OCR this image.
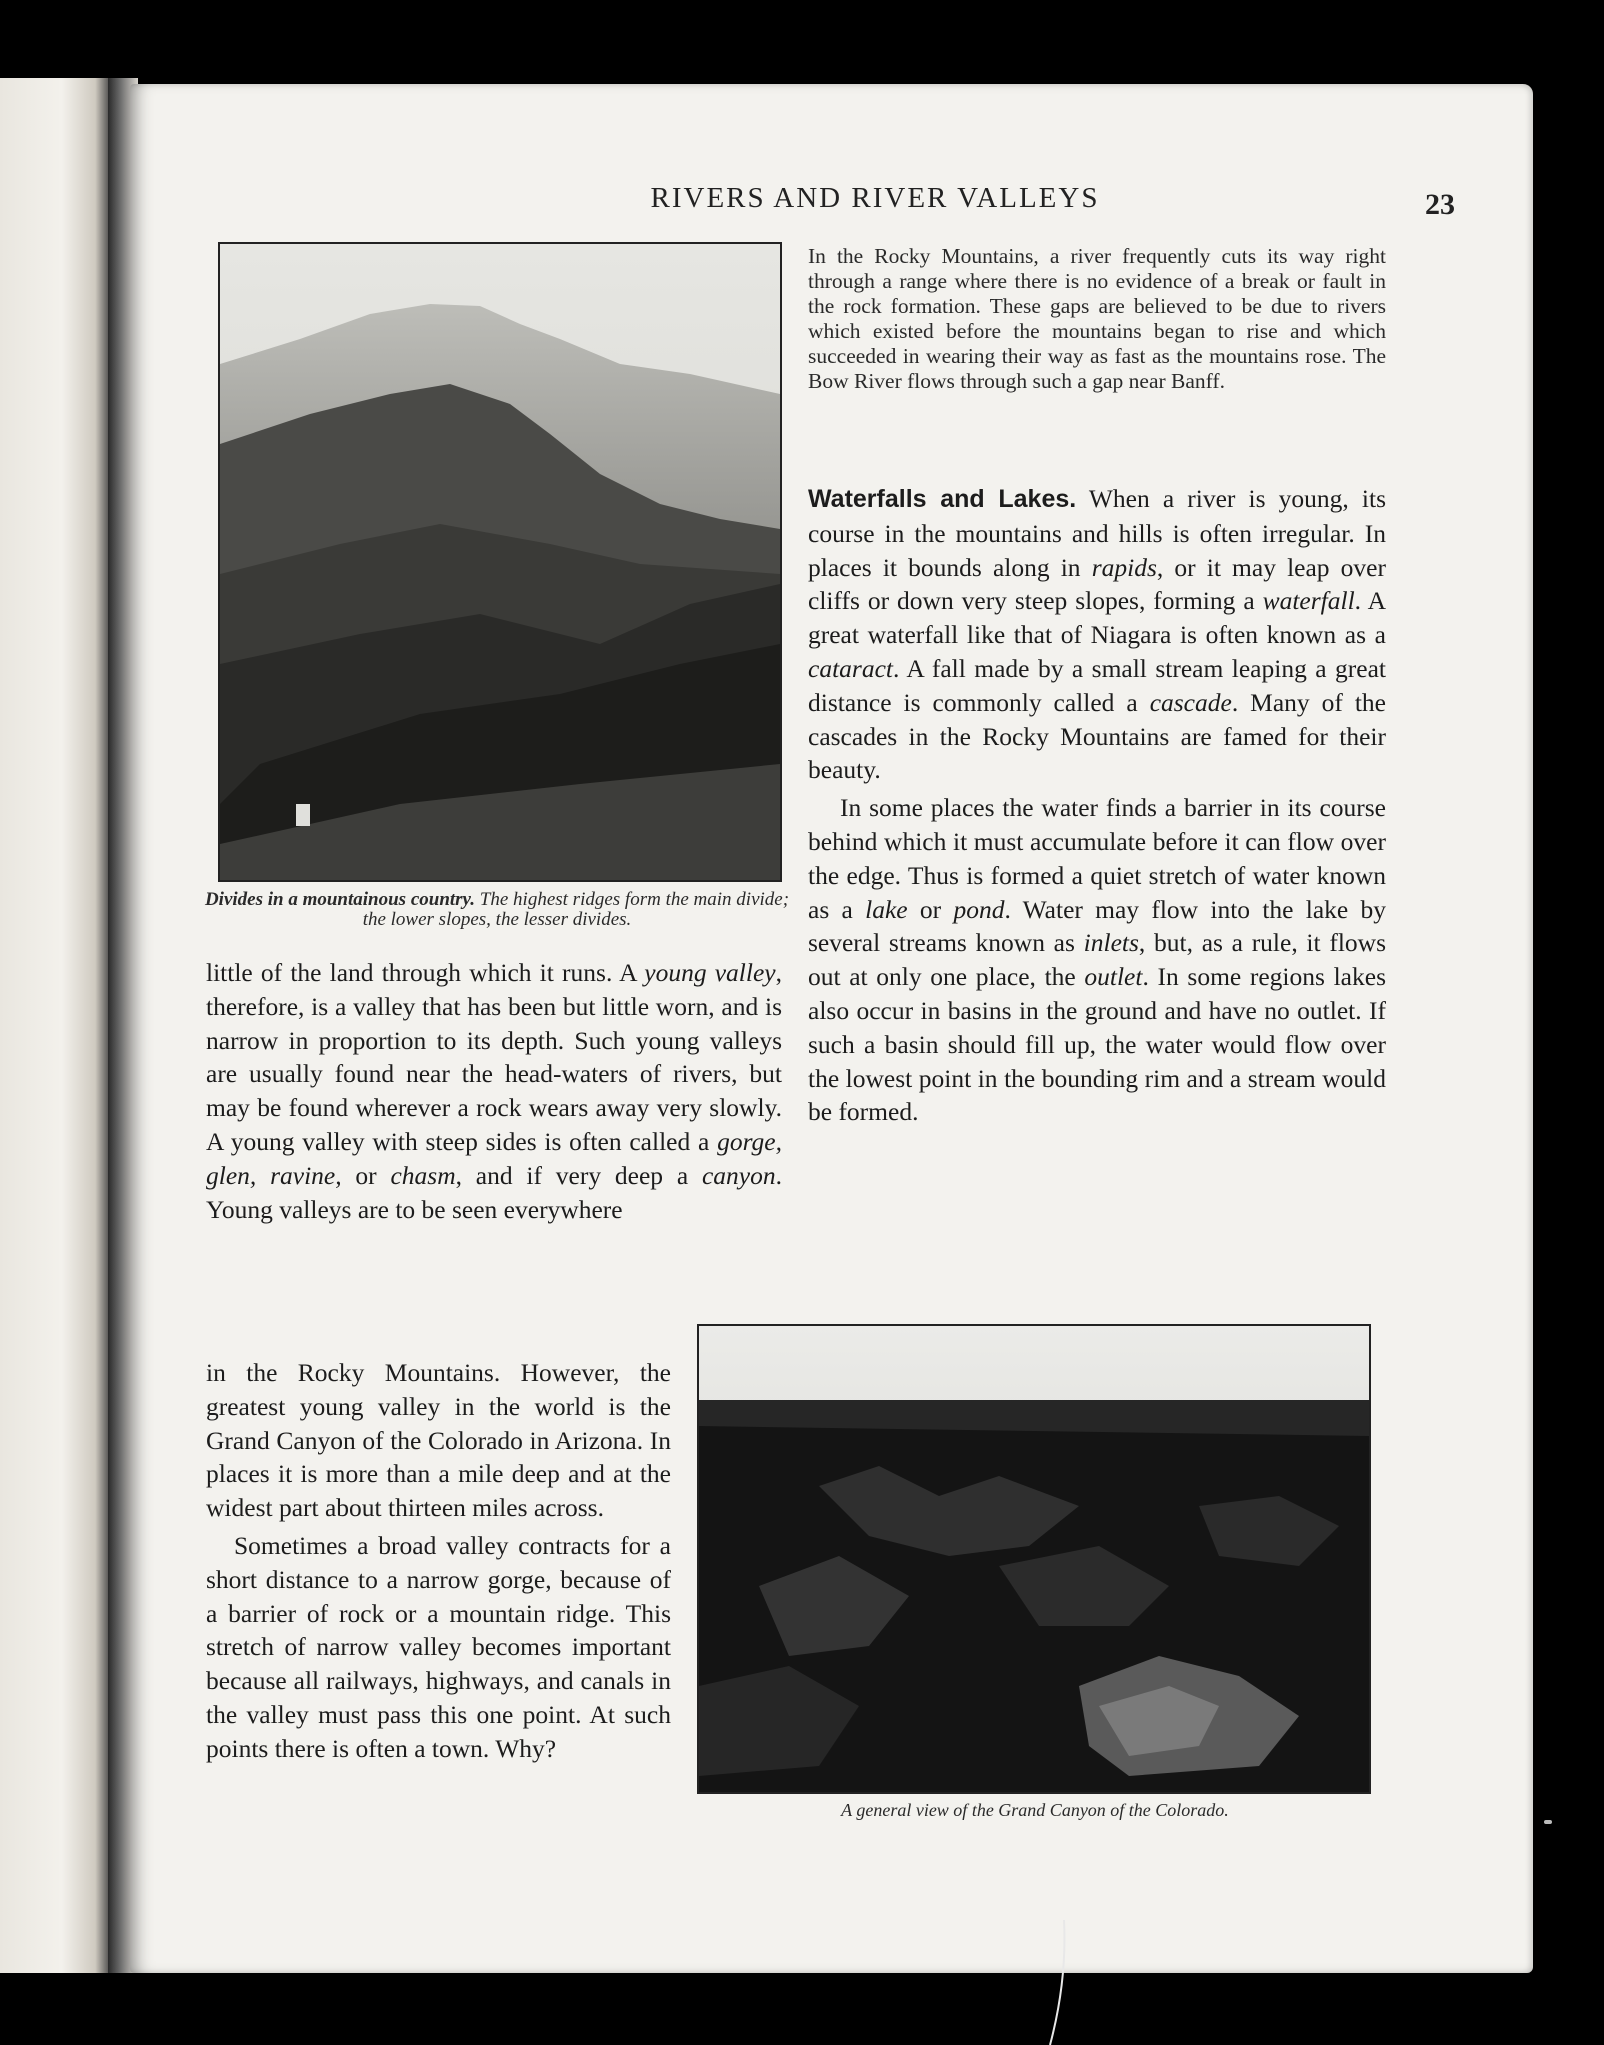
RIVERS AND RIVER VALLEYS	23
Divides in a mountainous country. The highest ridges form the main divide; the lower slopes, the lesser divides.
In the Rocky Mountains, a river frequently cuts its way right through a range where there is no evidence of a break or fault in the rock formation. These gaps are believed to be due to rivers which existed before the mountains began to rise and which succeeded in wearing their way as fast as the mountains rose. The Bow River flows through such a gap near Banff.

Waterfalls and Lakes. When a river is young, its course in the mountains and hills is often irregular. In places it bounds along in rapids, or it may leap over cliffs or down very steep slopes, forming a waterfall. A great waterfall like that of Niagara is often known as a cataract. A fall made by a small stream leaping a great distance is commonly called a cascade. Many of the cascades in the Rocky Mountains are famed for their beauty.

In some places the water finds a barrier in its course behind which it must accumulate before it can flow over the edge. Thus is formed a quiet stretch of water known as a lake or pond. Water may flow into the lake by several streams known as inlets, but, as a rule, it flows out at only one place, the outlet. In some regions lakes also occur in basins in the ground and have no outlet. If such a basin should fill up, the water would flow over the lowest point in the bounding rim and a stream would be formed.

little of the land through which it runs. A young valley, therefore, is a valley that has been but little worn, and is narrow in proportion to its depth. Such young valleys are usually found near the head-waters of rivers, but may be found wherever a rock wears away very slowly. A young valley with steep sides is often called a gorge, glen, ravine, or chasm, and if very deep a canyon. Young valleys are to be seen everywhere

in the Rocky Mountains. However, the greatest young valley in the world is the Grand Canyon of the Colorado in Arizona. In places it is more than a mile deep and at the widest part about thirteen miles across.

Sometimes a broad valley contracts for a short distance to a narrow gorge, because of a barrier of rock or a mountain ridge. This stretch of narrow valley becomes important because all railways, highways, and canals in the valley must pass this one point. At such points there is often a town. Why?

A general view of the Grand Canyon of the Colorado.
